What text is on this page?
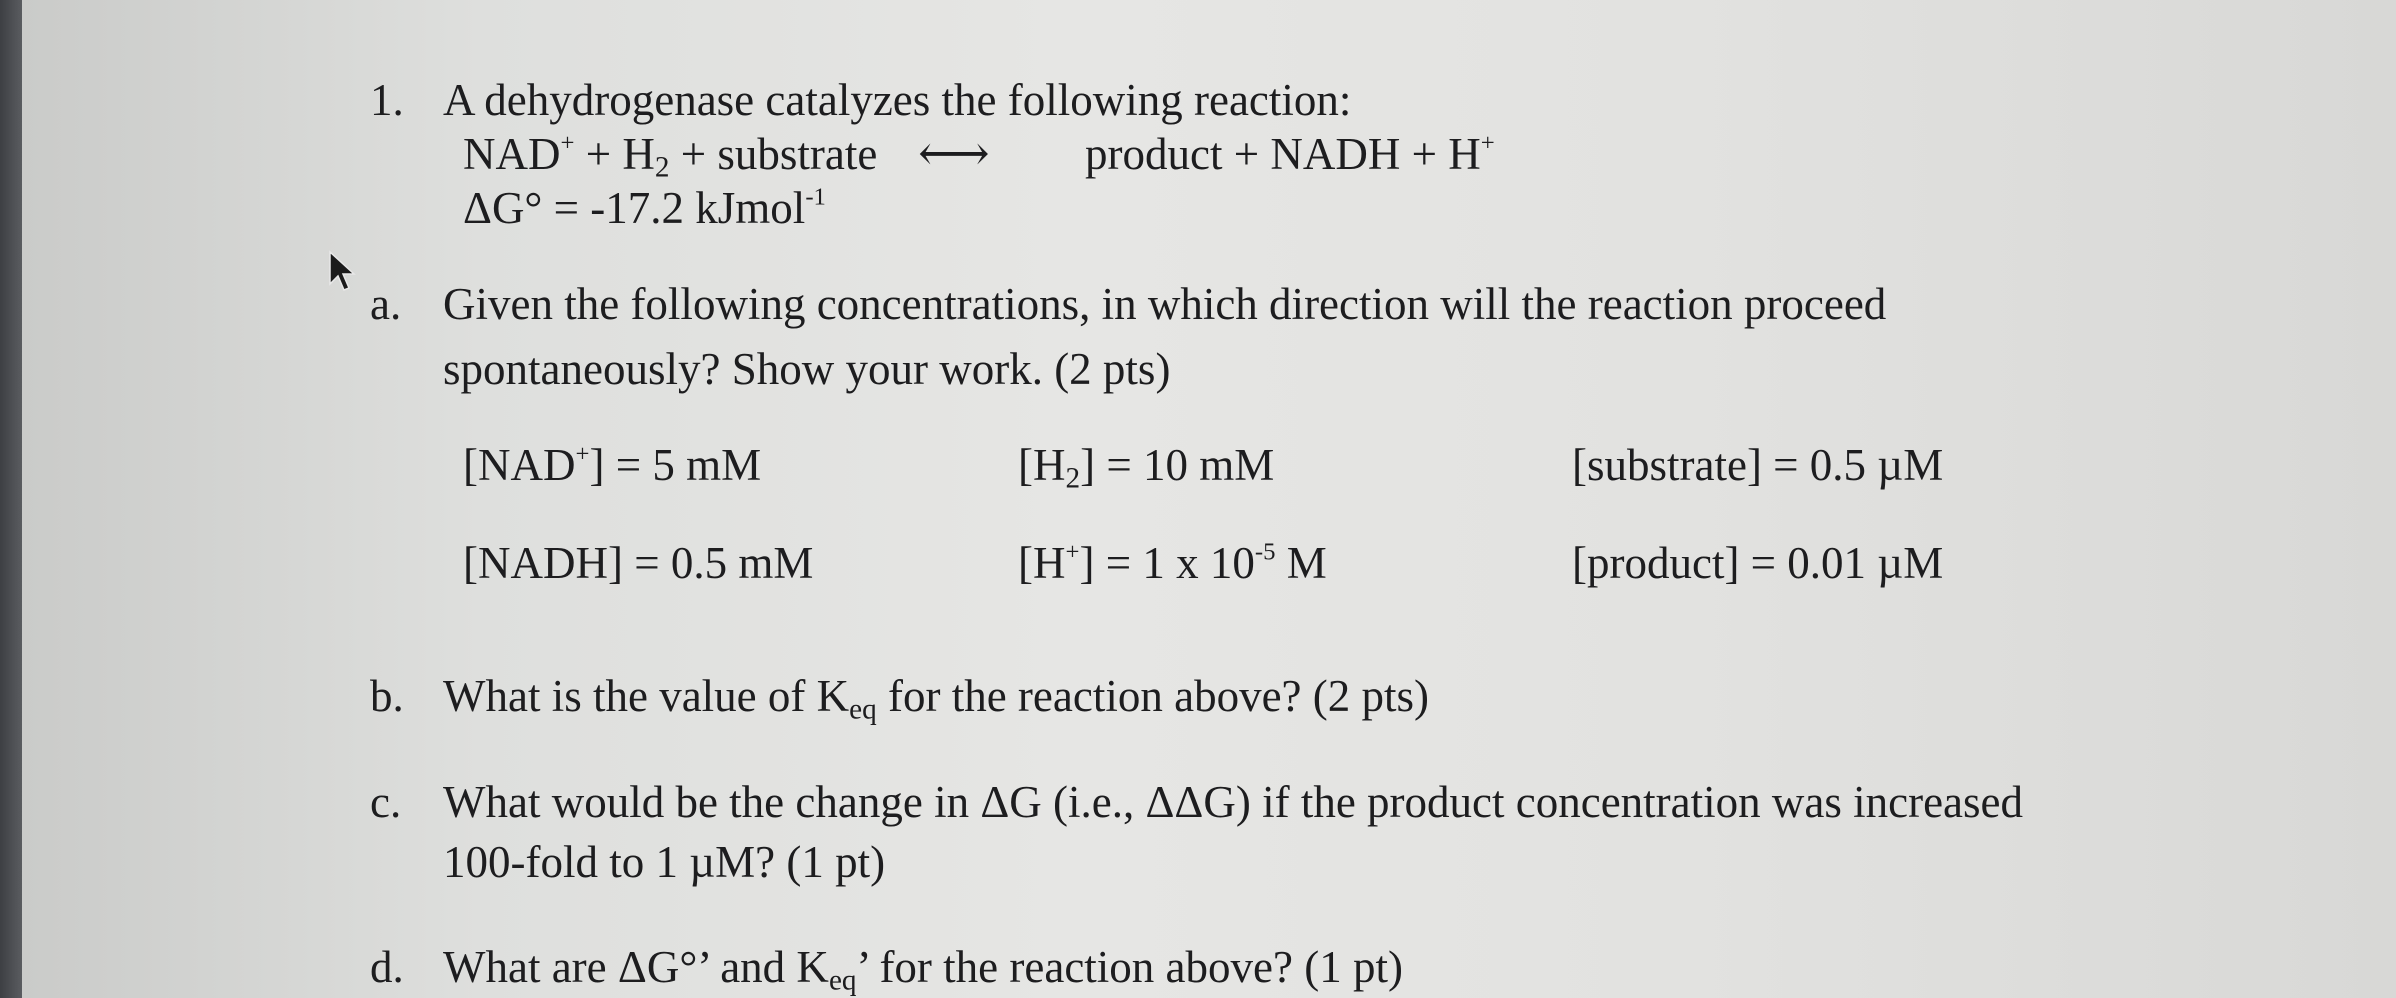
1. A dehydrogenase catalyzes the following reaction:
$NAD^+ + H_2$ + substrate ⟷ product + NADH + H+
ΔG° = -17.2 kJmol$^{-1}$
a. Given the following concentrations, in which direction will the reaction proceed
spontaneously? Show your work. (2 pts)
[NAD+] = 5 mM	$[H_2] = 10$ mM	[substrate] = 0.5 µM
[NADH] = 0.5 mM	[H+] = 1 x $10^{-5}$ M	[product] = 0.01 µM
b. What is the value of $K_{eq}$ for the reaction above? (2 pts)
c. What would be the change in ΔG (i.e., ΔΔG) if the product concentration was increased
100-fold to 1 µM? (1 pt)
d. What are ΔG°’ and $K_{eq}$’ for the reaction above? (1 pt)
